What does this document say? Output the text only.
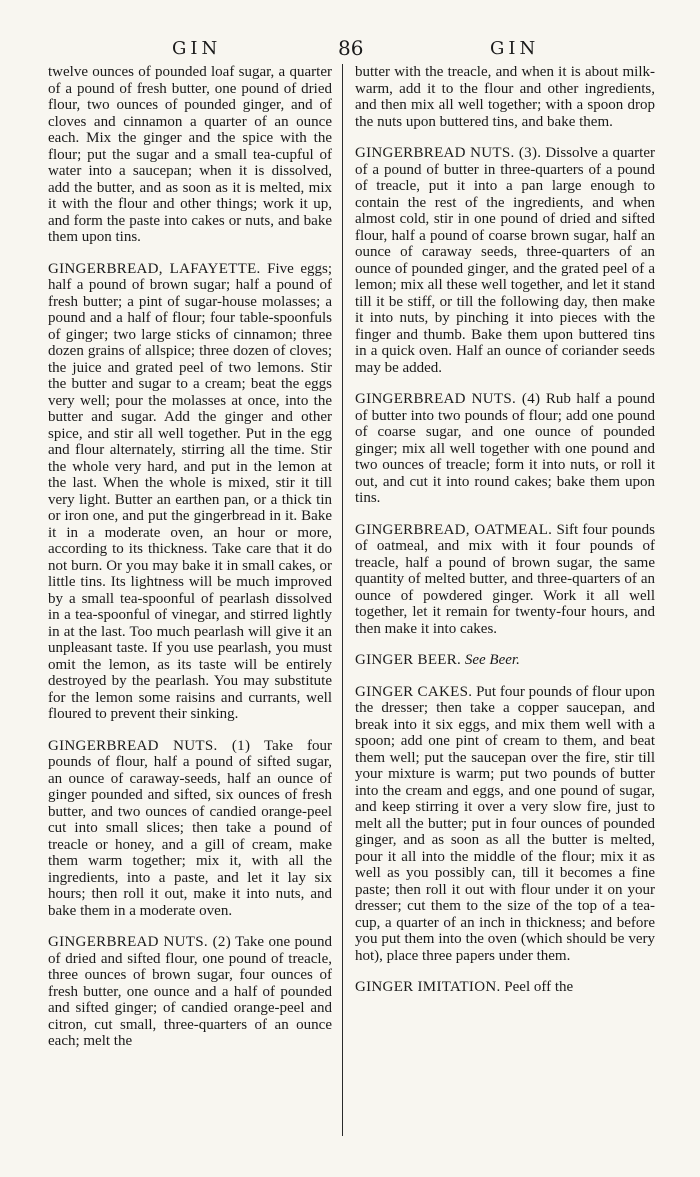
GIN	86	GIN

twelve ounces of pounded loaf sugar, a quarter of a pound of fresh butter, one pound of dried flour, two ounces of pounded ginger, and of cloves and cinnamon a quarter of an ounce each. Mix the ginger and the spice with the flour; put the sugar and a small tea-cupful of water into a saucepan; when it is dissolved, add the butter, and as soon as it is melted, mix it with the flour and other things; work it up, and form the paste into cakes or nuts, and bake them upon tins.

GINGERBREAD, LAFAYETTE. Five eggs; half a pound of brown sugar; half a pound of fresh butter; a pint of sugar-house molasses; a pound and a half of flour; four table-spoonfuls of ginger; two large sticks of cinnamon; three dozen grains of allspice; three dozen of cloves; the juice and grated peel of two lemons. Stir the butter and sugar to a cream; beat the eggs very well; pour the molasses at once, into the butter and sugar. Add the ginger and other spice, and stir all well together. Put in the egg and flour alternately, stirring all the time. Stir the whole very hard, and put in the lemon at the last. When the whole is mixed, stir it till very light. Butter an earthen pan, or a thick tin or iron one, and put the gingerbread in it. Bake it in a moderate oven, an hour or more, according to its thickness. Take care that it do not burn. Or you may bake it in small cakes, or little tins. Its lightness will be much improved by a small tea-spoonful of pearlash dissolved in a tea-spoonful of vinegar, and stirred lightly in at the last. Too much pearlash will give it an unpleasant taste. If you use pearlash, you must omit the lemon, as its taste will be entirely destroyed by the pearlash. You may substitute for the lemon some raisins and currants, well floured to prevent their sinking.

GINGERBREAD NUTS. (1) Take four pounds of flour, half a pound of sifted sugar, an ounce of caraway-seeds, half an ounce of ginger pounded and sifted, six ounces of fresh butter, and two ounces of candied orange-peel cut into small slices; then take a pound of treacle or honey, and a gill of cream, make them warm together; mix it, with all the ingredients, into a paste, and let it lay six hours; then roll it out, make it into nuts, and bake them in a moderate oven.

GINGERBREAD NUTS. (2) Take one pound of dried and sifted flour, one pound of treacle, three ounces of brown sugar, four ounces of fresh butter, one ounce and a half of pounded and sifted ginger; of candied orange-peel and citron, cut small, three-quarters of an ounce each; melt the

butter with the treacle, and when it is about milk-warm, add it to the flour and other ingredients, and then mix all well together; with a spoon drop the nuts upon buttered tins, and bake them.

GINGERBREAD NUTS. (3). Dissolve a quarter of a pound of butter in three-quarters of a pound of treacle, put it into a pan large enough to contain the rest of the ingredients, and when almost cold, stir in one pound of dried and sifted flour, half a pound of coarse brown sugar, half an ounce of caraway seeds, three-quarters of an ounce of pounded ginger, and the grated peel of a lemon; mix all these well together, and let it stand till it be stiff, or till the following day, then make it into nuts, by pinching it into pieces with the finger and thumb. Bake them upon buttered tins in a quick oven. Half an ounce of coriander seeds may be added.

GINGERBREAD NUTS. (4) Rub half a pound of butter into two pounds of flour; add one pound of coarse sugar, and one ounce of pounded ginger; mix all well together with one pound and two ounces of treacle; form it into nuts, or roll it out, and cut it into round cakes; bake them upon tins.

GINGERBREAD, OATMEAL. Sift four pounds of oatmeal, and mix with it four pounds of treacle, half a pound of brown sugar, the same quantity of melted butter, and three-quarters of an ounce of powdered ginger. Work it all well together, let it remain for twenty-four hours, and then make it into cakes.

GINGER BEER. See Beer.

GINGER CAKES. Put four pounds of flour upon the dresser; then take a copper saucepan, and break into it six eggs, and mix them well with a spoon; add one pint of cream to them, and beat them well; put the saucepan over the fire, stir till your mixture is warm; put two pounds of butter into the cream and eggs, and one pound of sugar, and keep stirring it over a very slow fire, just to melt all the butter; put in four ounces of pounded ginger, and as soon as all the butter is melted, pour it all into the middle of the flour; mix it as well as you possibly can, till it becomes a fine paste; then roll it out with flour under it on your dresser; cut them to the size of the top of a tea-cup, a quarter of an inch in thickness; and before you put them into the oven (which should be very hot), place three papers under them.

GINGER IMITATION. Peel off the
